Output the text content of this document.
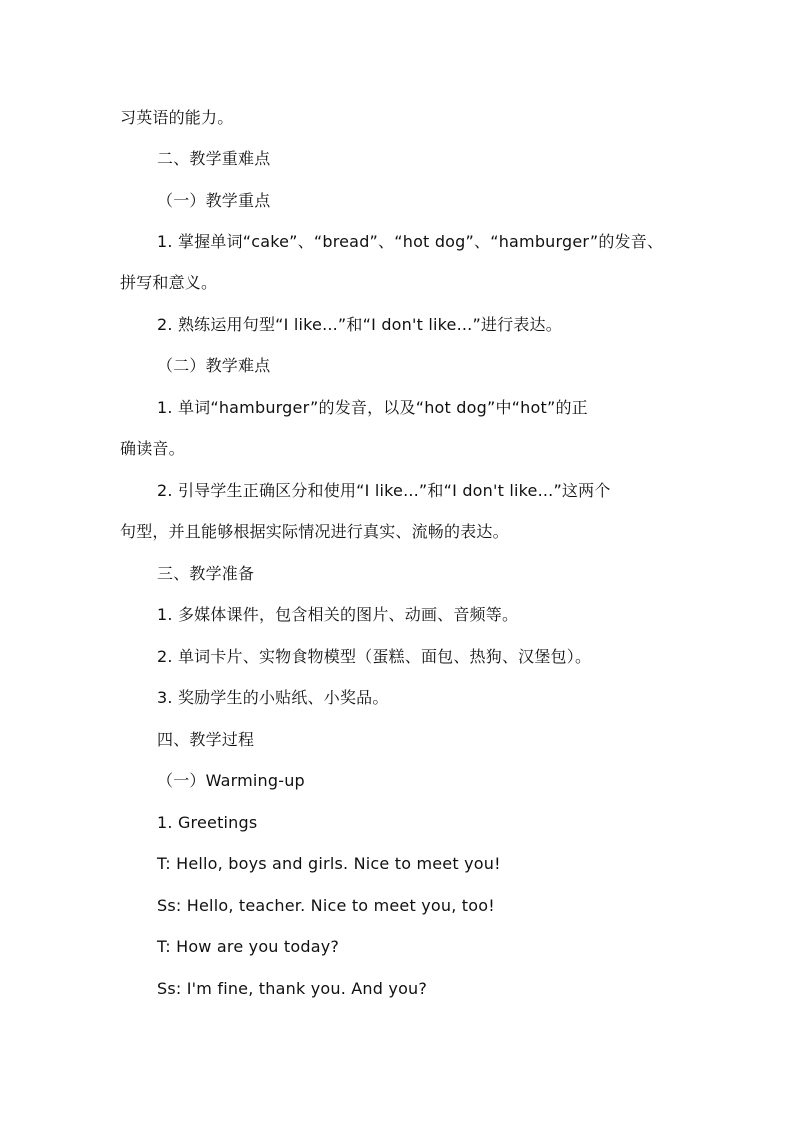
习英语的能力。
二、教学重难点
（一）教学重点
1. 掌握单词“cake”、“bread”、“hot dog”、“hamburger”的发音、
拼写和意义。
2. 熟练运用句型“I like...”和“I don't like...”进行表达。
（二）教学难点
1. 单词“hamburger”的发音，以及“hot dog”中“hot”的正
确读音。
2. 引导学生正确区分和使用“I like...”和“I don't like...”这两个
句型，并且能够根据实际情况进行真实、流畅的表达。
三、教学准备
1. 多媒体课件，包含相关的图片、动画、音频等。
2. 单词卡片、实物食物模型（蛋糕、面包、热狗、汉堡包）。
3. 奖励学生的小贴纸、小奖品。
四、教学过程
（一）Warming-up
1. Greetings
T: Hello, boys and girls. Nice to meet you!
Ss: Hello, teacher. Nice to meet you, too!
T: How are you today?
Ss: I'm fine, thank you. And you?
